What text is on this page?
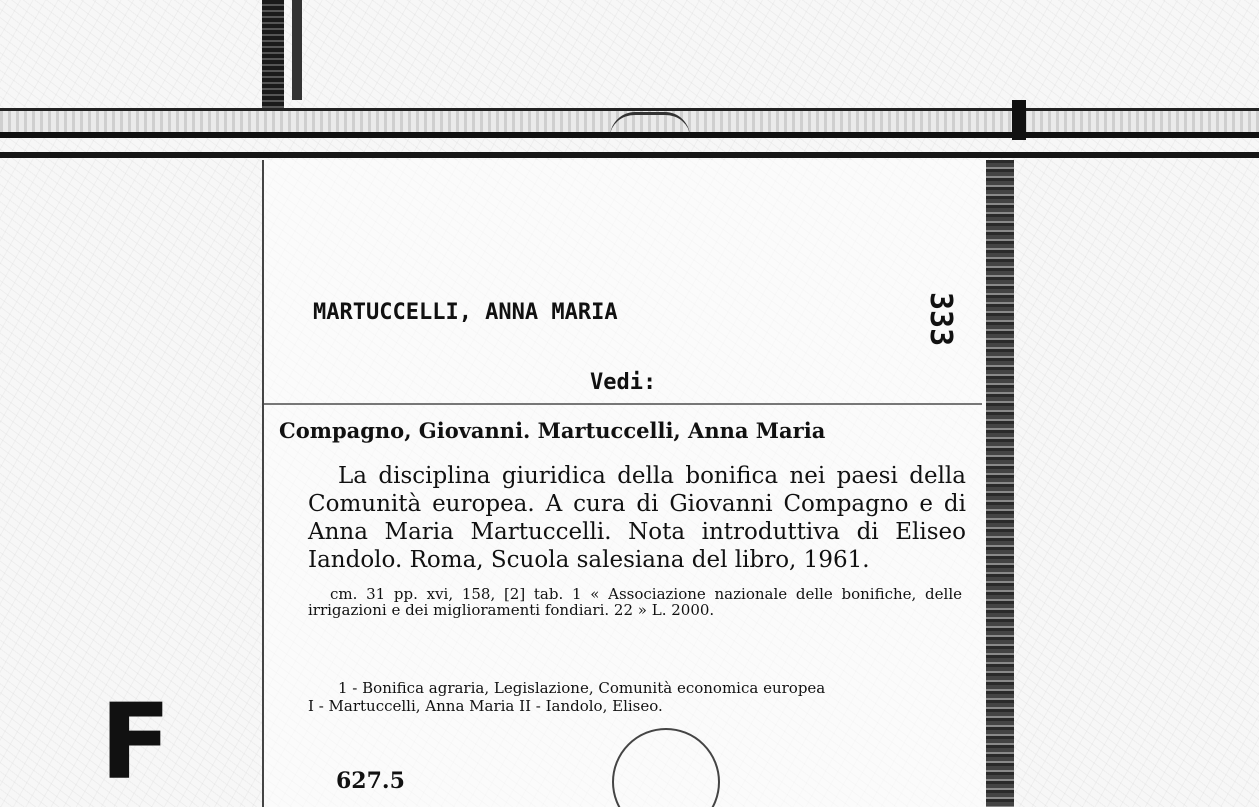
MARTUCCELLI, ANNA MARIA	333
Vedi:
Compagno, Giovanni. Martuccelli, Anna Maria
La disciplina giuridica della bonifica nei paesi della Comunità europea. A cura di Giovanni Compagno e di Anna Maria Martuccelli. Nota introduttiva di Eliseo Iandolo. Roma, Scuola salesiana del libro, 1961.
cm. 31 pp. xvi, 158, [2] tab. 1 « Associazione nazionale delle bonifiche, delle irrigazioni e dei miglioramenti fondiari. 22 » L. 2000.
1 - Bonifica agraria, Legislazione, Comunità economica europea
I - Martuccelli, Anna Maria II - Iandolo, Eliseo.
627.5
F
